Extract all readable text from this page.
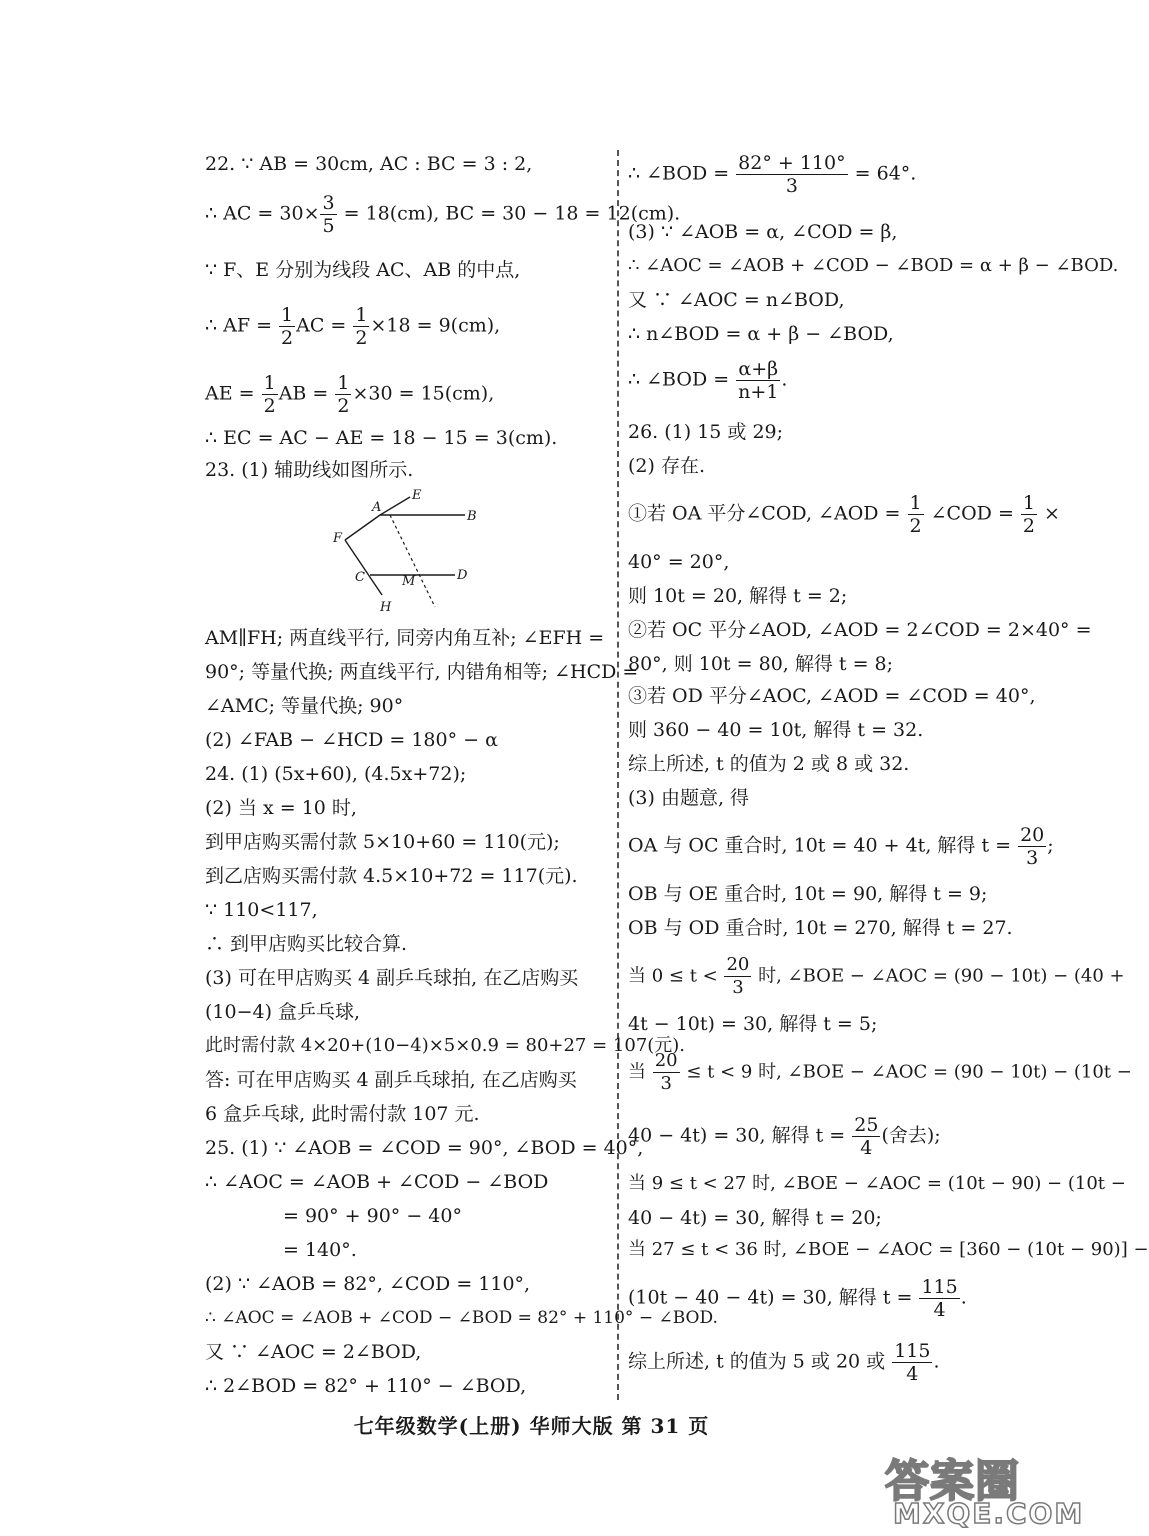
22. ∵ AB = 30cm, AC : BC = 3 : 2,
∴ AC = $30\times \frac{3}{5} = 18(cm)$, BC = 30 − 18 = 12(cm).
∵ F、E 分别为线段 AC、AB 的中点,
∴ AF = $\frac{1}{2}$ AC = $\frac{1}{2} \times 18 = 9(cm)$,
AE = $\frac{1}{2}$ AB = $\frac{1}{2} \times 30 = 15(cm)$,
∴ EC = AC − AE = 18 − 15 = 3(cm).
23. (1) 辅助线如图所示.
AM∥FH; 两直线平行, 同旁内角互补; ∠EFH =
90°; 等量代换; 两直线平行, 内错角相等; ∠HCD =
∠AMC; 等量代换; 90°
(2) ∠FAB − ∠HCD = 180° − α
24. (1) (5x+60), (4.5x+72);
(2) 当 x = 10 时,
到甲店购买需付款 5×10+60 = 110(元);
到乙店购买需付款 4.5×10+72 = 117(元).
∵ 110<117,
∴ 到甲店购买比较合算.
(3) 可在甲店购买 4 副乒乓球拍, 在乙店购买
(10−4) 盒乒乓球,
此时需付款 4×20+(10−4)×5×0.9 = 80+27 = 107(元).
答: 可在甲店购买 4 副乒乓球拍, 在乙店购买
6 盒乒乓球, 此时需付款 107 元.
25. (1) ∵ ∠AOB = ∠COD = 90°, ∠BOD = 40°,
∴ ∠AOC = ∠AOB + ∠COD − ∠BOD
= 90° + 90° − 40°
= 140°.
(2) ∵ ∠AOB = 82°, ∠COD = 110°,
∴ ∠AOC = ∠AOB + ∠COD − ∠BOD = 82° + 110° − ∠BOD.
又 ∵ ∠AOC = 2∠BOD,
∴ 2∠BOD = 82° + 110° − ∠BOD,
A
E
B
F
C	M	D
H
∴ ∠BOD = $\frac{82^\circ + 110^\circ}{3} = 64^\circ$.
(3) ∵ ∠AOB = α, ∠COD = β,
∴ ∠AOC = ∠AOB + ∠COD − ∠BOD = α + β − ∠BOD.
又 ∵ ∠AOC = n∠BOD,
∴ n∠BOD = α + β − ∠BOD,
∴ ∠BOD = $\frac{\alpha+\beta}{n+1}$ .
26. (1) 15 或 29;
(2) 存在.
①若 OA 平分∠COD, ∠AOD = $\frac{1}{2}$ ∠COD = $\frac{1}{2}$ ×
40° = 20°,
则 10t = 20, 解得 t = 2;
②若 OC 平分∠AOD, ∠AOD = 2∠COD = 2×40° =
80°, 则 10t = 80, 解得 t = 8;
③若 OD 平分∠AOC, ∠AOD = ∠COD = 40°,
则 360 − 40 = 10t, 解得 t = 32.
综上所述, t 的值为 2 或 8 或 32.
(3) 由题意, 得
OA 与 OC 重合时, 10t = 40 + 4t, 解得 $t = \frac{20}{3}$ ;
OB 与 OE 重合时, 10t = 90, 解得 t = 9;
OB 与 OD 重合时, 10t = 270, 解得 t = 27.
当 $0 \le t < \frac{20}{3}$ 时, ∠BOE − ∠AOC = (90 − 10t) − (40 +
4t − 10t) = 30, 解得 t = 5;
当 $\frac{20}{3} \le t < 9$ 时, ∠BOE − ∠AOC = (90 − 10t) − (10t −
40 − 4t) = 30, 解得 $t = \frac{25}{4}$ (舍去);
当 9 ≤ t < 27 时, ∠BOE − ∠AOC = (10t − 90) − (10t −
40 − 4t) = 30, 解得 t = 20;
当 27 ≤ t < 36 时, ∠BOE − ∠AOC = [360 − (10t − 90)] −
(10t − 40 − 4t) = 30, 解得 $t = \frac{115}{4}$ .
综上所述, t 的值为 5 或 20 或 $\frac{115}{4}$ .
七年级数学(上册) 华师大版 第 31 页
答案圈
MXQE.COM
